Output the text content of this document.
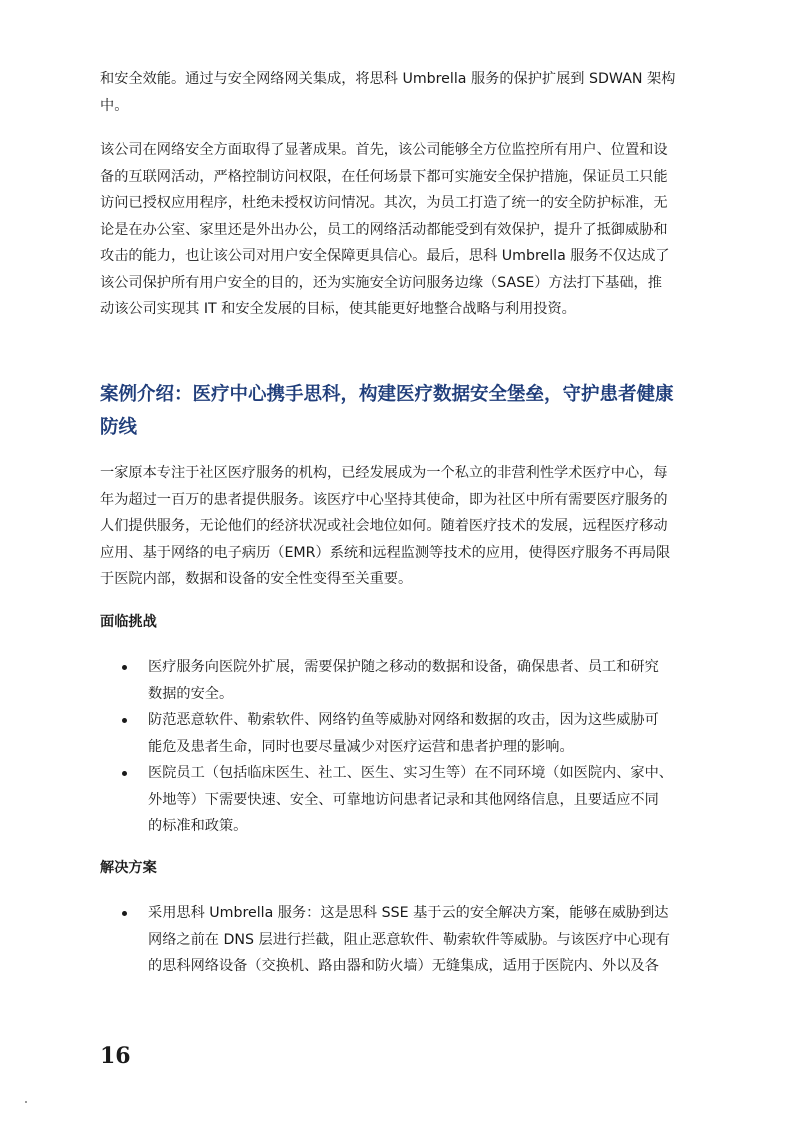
和安全效能。通过与安全网络网关集成，将思科 Umbrella 服务的保护扩展到 SDWAN 架构
中。

该公司在网络安全方面取得了显著成果。首先，该公司能够全方位监控所有用户、位置和设
备的互联网活动，严格控制访问权限，在任何场景下都可实施安全保护措施，保证员工只能
访问已授权应用程序，杜绝未授权访问情况。其次，为员工打造了统一的安全防护标准，无
论是在办公室、家里还是外出办公，员工的网络活动都能受到有效保护，提升了抵御威胁和
攻击的能力，也让该公司对用户安全保障更具信心。最后，思科 Umbrella 服务不仅达成了
该公司保护所有用户安全的目的，还为实施安全访问服务边缘（SASE）方法打下基础，推
动该公司实现其 IT 和安全发展的目标，使其能更好地整合战略与利用投资。

案例介绍：医疗中心携手思科，构建医疗数据安全堡垒，守护患者健康
防线

一家原本专注于社区医疗服务的机构，已经发展成为一个私立的非营利性学术医疗中心，每
年为超过一百万的患者提供服务。该医疗中心坚持其使命，即为社区中所有需要医疗服务的
人们提供服务，无论他们的经济状况或社会地位如何。随着医疗技术的发展，远程医疗移动
应用、基于网络的电子病历（EMR）系统和远程监测等技术的应用，使得医疗服务不再局限
于医院内部，数据和设备的安全性变得至关重要。

面临挑战
医疗服务向医院外扩展，需要保护随之移动的数据和设备，确保患者、员工和研究
数据的安全。
防范恶意软件、勒索软件、网络钓鱼等威胁对网络和数据的攻击，因为这些威胁可
能危及患者生命，同时也要尽量减少对医疗运营和患者护理的影响。
医院员工（包括临床医生、社工、医生、实习生等）在不同环境（如医院内、家中、
外地等）下需要快速、安全、可靠地访问患者记录和其他网络信息，且要适应不同
的标准和政策。
解决方案
采用思科 Umbrella 服务：这是思科 SSE 基于云的安全解决方案，能够在威胁到达
网络之前在 DNS 层进行拦截，阻止恶意软件、勒索软件等威胁。与该医疗中心现有
的思科网络设备（交换机、路由器和防火墙）无缝集成，适用于医院内、外以及各
16
